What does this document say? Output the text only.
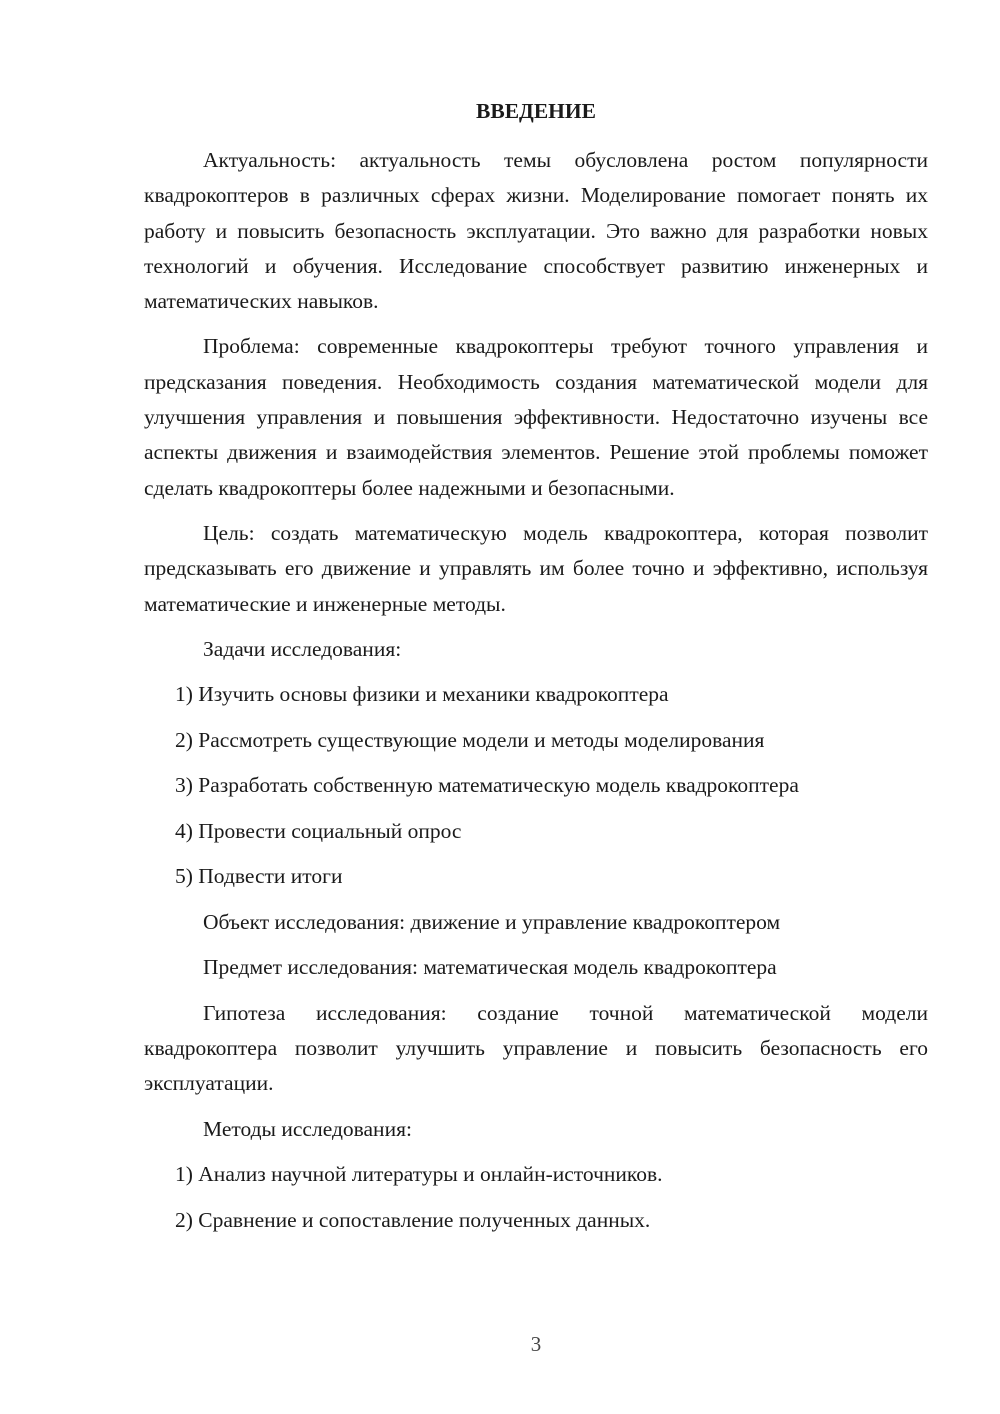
ВВЕДЕНИЕ

Актуальность: актуальность темы обусловлена ростом популярности квадрокоптеров в различных сферах жизни. Моделирование помогает понять их работу и повысить безопасность эксплуатации. Это важно для разработки новых технологий и обучения. Исследование способствует развитию инженерных и математических навыков.

Проблема: современные квадрокоптеры требуют точного управления и предсказания поведения. Необходимость создания математической модели для улучшения управления и повышения эффективности. Недостаточно изучены все аспекты движения и взаимодействия элементов. Решение этой проблемы поможет сделать квадрокоптеры более надежными и безопасными.

Цель: создать математическую модель квадрокоптера, которая позволит предсказывать его движение и управлять им более точно и эффективно, используя математические и инженерные методы.

Задачи исследования:

1) Изучить основы физики и механики квадрокоптера

2) Рассмотреть существующие модели и методы моделирования

3) Разработать собственную математическую модель квадрокоптера

4) Провести социальный опрос

5) Подвести итоги

Объект исследования: движение и управление квадрокоптером

Предмет исследования: математическая модель квадрокоптера

Гипотеза исследования: создание точной математической модели квадрокоптера позволит улучшить управление и повысить безопасность его эксплуатации.

Методы исследования:

1) Анализ научной литературы и онлайн-источников.

2) Сравнение и сопоставление полученных данных.

3
